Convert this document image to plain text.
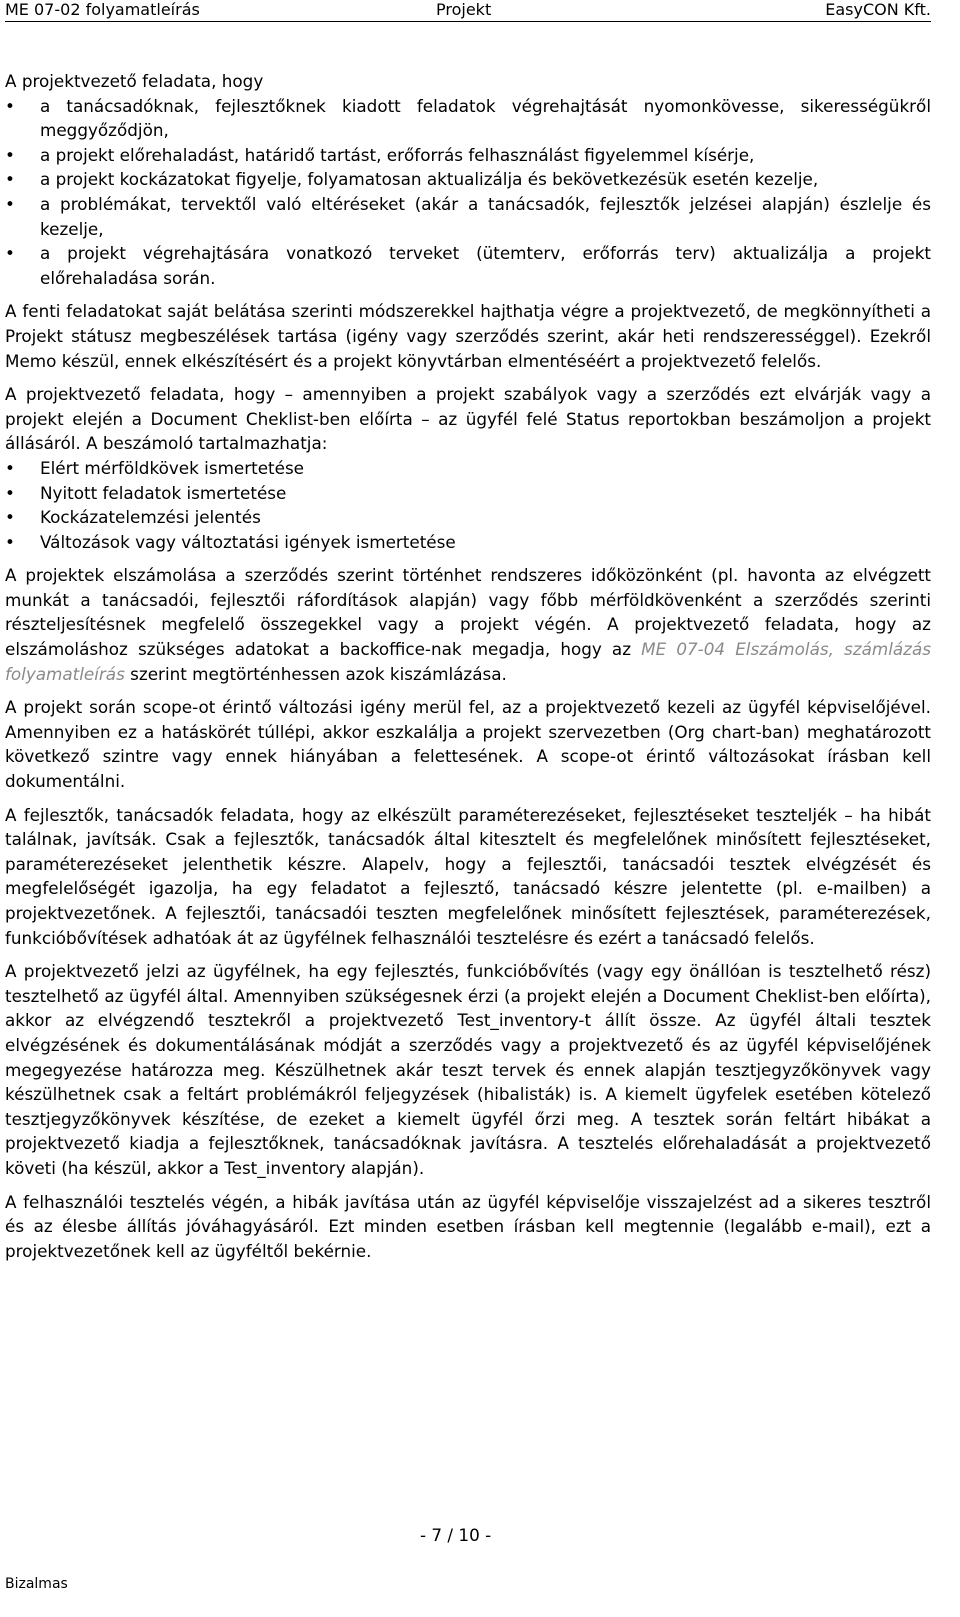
ME 07-02 folyamatleírás	Projekt	EasyCON Kft.

A projektvezető feladata, hogy

• a tanácsadóknak, fejlesztőknek kiadott feladatok végrehajtását nyomonkövesse, sikerességükről meggyőződjön,
• a projekt előrehaladást, határidő tartást, erőforrás felhasználást figyelemmel kísérje,
• a projekt kockázatokat figyelje, folyamatosan aktualizálja és bekövetkezésük esetén kezelje,
• a problémákat, tervektől való eltéréseket (akár a tanácsadók, fejlesztők jelzései alapján) észlelje és kezelje,
• a projekt végrehajtására vonatkozó terveket (ütemterv, erőforrás terv) aktualizálja a projekt előrehaladása során.

A fenti feladatokat saját belátása szerinti módszerekkel hajthatja végre a projektvezető, de megkönnyítheti a Projekt státusz megbeszélések tartása (igény vagy szerződés szerint, akár heti rendszerességgel). Ezekről Memo készül, ennek elkészítésért és a projekt könyvtárban elmentéséért a projektvezető felelős.

A projektvezető feladata, hogy – amennyiben a projekt szabályok vagy a szerződés ezt elvárják vagy a projekt elején a Document Cheklist-ben előírta – az ügyfél felé Status reportokban beszámoljon a projekt állásáról. A beszámoló tartalmazhatja:

• Elért mérföldkövek ismertetése
• Nyitott feladatok ismertetése
• Kockázatelemzési jelentés
• Változások vagy változtatási igények ismertetése

A projektek elszámolása a szerződés szerint történhet rendszeres időközönként (pl. havonta az elvégzett munkát a tanácsadói, fejlesztői ráfordítások alapján) vagy főbb mérföldkövenként a szerződés szerinti részteljesítésnek megfelelő összegekkel vagy a projekt végén. A projektvezető feladata, hogy az elszámoláshoz szükséges adatokat a backoffice-nak megadja, hogy az ME 07-04 Elszámolás, számlázás folyamatleírás szerint megtörténhessen azok kiszámlázása.

A projekt során scope-ot érintő változási igény merül fel, az a projektvezető kezeli az ügyfél képviselőjével. Amennyiben ez a hatáskörét túllépi, akkor eszkalálja a projekt szervezetben (Org chart-ban) meghatározott következő szintre vagy ennek hiányában a felettesének. A scope-ot érintő változásokat írásban kell dokumentálni.

A fejlesztők, tanácsadók feladata, hogy az elkészült paraméterezéseket, fejlesztéseket teszteljék – ha hibát találnak, javítsák. Csak a fejlesztők, tanácsadók által kitesztelt és megfelelőnek minősített fejlesztéseket, paraméterezéseket jelenthetik készre. Alapelv, hogy a fejlesztői, tanácsadói tesztek elvégzését és megfelelőségét igazolja, ha egy feladatot a fejlesztő, tanácsadó készre jelentette (pl. e-mailben) a projektvezetőnek. A fejlesztői, tanácsadói teszten megfelelőnek minősített fejlesztések, paraméterezések, funkcióbővítések adhatóak át az ügyfélnek felhasználói tesztelésre és ezért a tanácsadó felelős.

A projektvezető jelzi az ügyfélnek, ha egy fejlesztés, funkcióbővítés (vagy egy önállóan is tesztelhető rész) tesztelhető az ügyfél által. Amennyiben szükségesnek érzi (a projekt elején a Document Cheklist-ben előírta), akkor az elvégzendő tesztekről a projektvezető Test_inventory-t állít össze. Az ügyfél általi tesztek elvégzésének és dokumentálásának módját a szerződés vagy a projektvezető és az ügyfél képviselőjének megegyezése határozza meg. Készülhetnek akár teszt tervek és ennek alapján tesztjegyzőkönyvek vagy készülhetnek csak a feltárt problémákról feljegyzések (hibalisták) is. A kiemelt ügyfelek esetében kötelező tesztjegyzőkönyvek készítése, de ezeket a kiemelt ügyfél őrzi meg. A tesztek során feltárt hibákat a projektvezető kiadja a fejlesztőknek, tanácsadóknak javításra. A tesztelés előrehaladását a projektvezető követi (ha készül, akkor a Test_inventory alapján).

A felhasználói tesztelés végén, a hibák javítása után az ügyfél képviselője visszajelzést ad a sikeres tesztről és az élesbe állítás jóváhagyásáról. Ezt minden esetben írásban kell megtennie (legalább e-mail), ezt a projektvezetőnek kell az ügyféltől bekérnie.

- 7 / 10 -
Bizalmas
